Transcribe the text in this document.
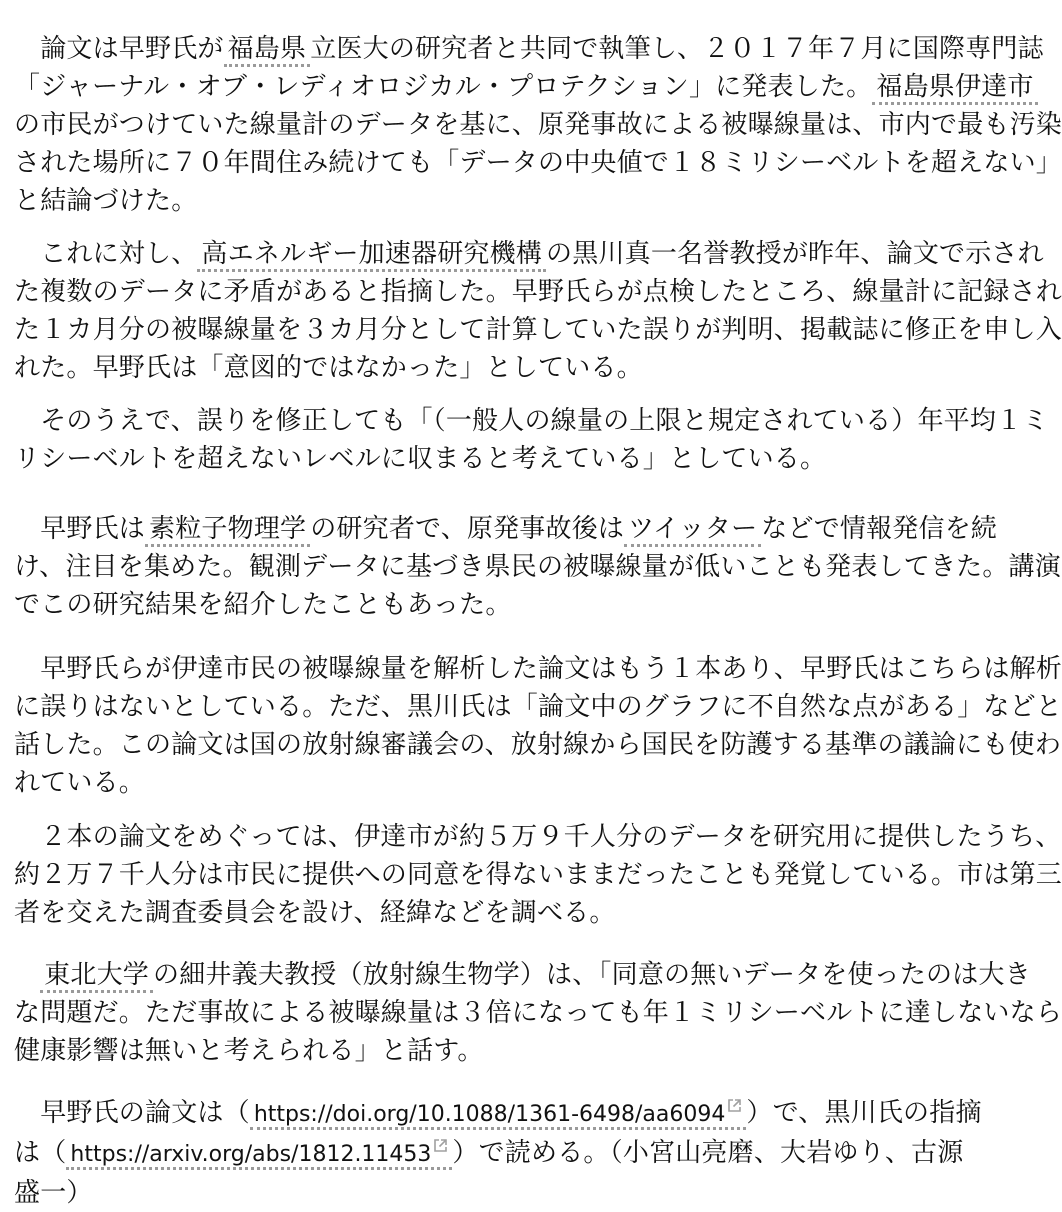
　論文は早野氏が 福島県 立医大の研究者と共同で執筆し、２０１７年７月に国際専門誌
「ジャーナル・オブ・レディオロジカル・プロテクション」に発表した。 福島県伊達市
の市民がつけていた線量計のデータを基に、原発事故による被曝線量は、市内で最も汚染
された場所に７０年間住み続けても「データの中央値で１８ミリシーベルトを超えない」
と結論づけた。

　これに対し、 高エネルギー加速器研究機構 の黒川真一名誉教授が昨年、論文で示され
た複数のデータに矛盾があると指摘した。早野氏らが点検したところ、線量計に記録され
た１カ月分の被曝線量を３カ月分として計算していた誤りが判明、掲載誌に修正を申し入
れた。早野氏は「意図的ではなかった」としている。

　そのうえで、誤りを修正しても「（一般人の線量の上限と規定されている）年平均１ミ
リシーベルトを超えないレベルに収まると考えている」としている。

　早野氏は 素粒子物理学 の研究者で、原発事故後は ツイッター などで情報発信を続
け、注目を集めた。観測データに基づき県民の被曝線量が低いことも発表してきた。講演
でこの研究結果を紹介したこともあった。

　早野氏らが伊達市民の被曝線量を解析した論文はもう１本あり、早野氏はこちらは解析
に誤りはないとしている。ただ、黒川氏は「論文中のグラフに不自然な点がある」などと
話した。この論文は国の放射線審議会の、放射線から国民を防護する基準の議論にも使わ
れている。

　２本の論文をめぐっては、伊達市が約５万９千人分のデータを研究用に提供したうち、
約２万７千人分は市民に提供への同意を得ないままだったことも発覚している。市は第三
者を交えた調査委員会を設け、経緯などを調べる。

　東北大学 の細井義夫教授（放射線生物学）は、「同意の無いデータを使ったのは大き
な問題だ。ただ事故による被曝線量は３倍になっても年１ミリシーベルトに達しないなら
健康影響は無いと考えられる」と話す。

　早野氏の論文は（ https://doi.org/10.1088/1361-6498/aa6094 ）で、黒川氏の指摘
は（ https://arxiv.org/abs/1812.11453 ）で読める。（小宮山亮磨、大岩ゆり、古源
盛一）
